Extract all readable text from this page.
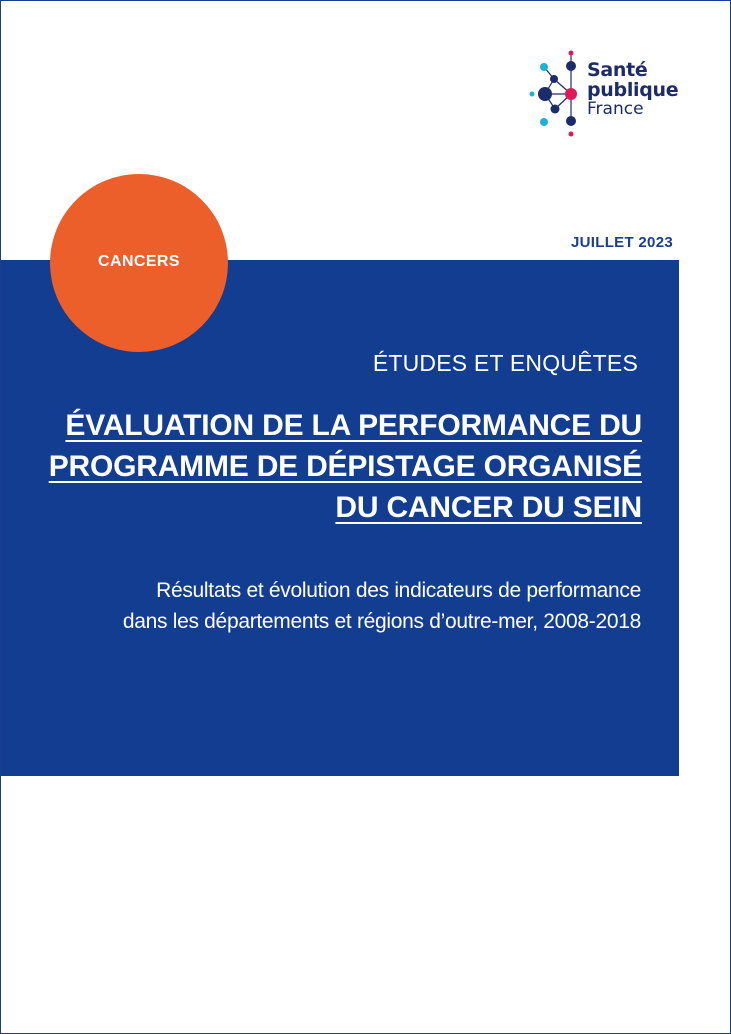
Santé
publique
France
JUILLET 2023
CANCERS
ÉTUDES ET ENQUÊTES
ÉVALUATION DE LA PERFORMANCE DU
PROGRAMME DE DÉPISTAGE ORGANISÉ
DU CANCER DU SEIN
Résultats et évolution des indicateurs de performance
dans les départements et régions d’outre-mer, 2008-2018
